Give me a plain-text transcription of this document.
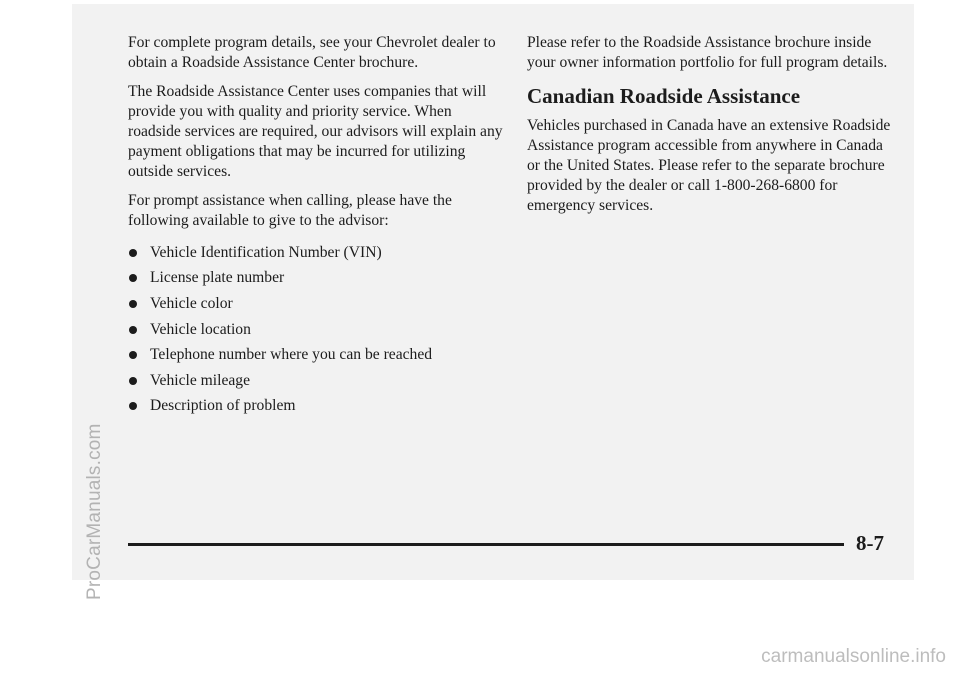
ProCarManuals.com

For complete program details, see your Chevrolet dealer to obtain a Roadside Assistance Center brochure.

The Roadside Assistance Center uses companies that will provide you with quality and priority service. When roadside services are required, our advisors will explain any payment obligations that may be incurred for utilizing outside services.

For prompt assistance when calling, please have the following available to give to the advisor:

Vehicle Identification Number (VIN)
License plate number
Vehicle color
Vehicle location
Telephone number where you can be reached
Vehicle mileage
Description of problem

Please refer to the Roadside Assistance brochure inside your owner information portfolio for full program details.

Canadian Roadside Assistance

Vehicles purchased in Canada have an extensive Roadside Assistance program accessible from anywhere in Canada or the United States. Please refer to the separate brochure provided by the dealer or call 1-800-268-6800 for emergency services.

8-7
carmanualsonline.info
